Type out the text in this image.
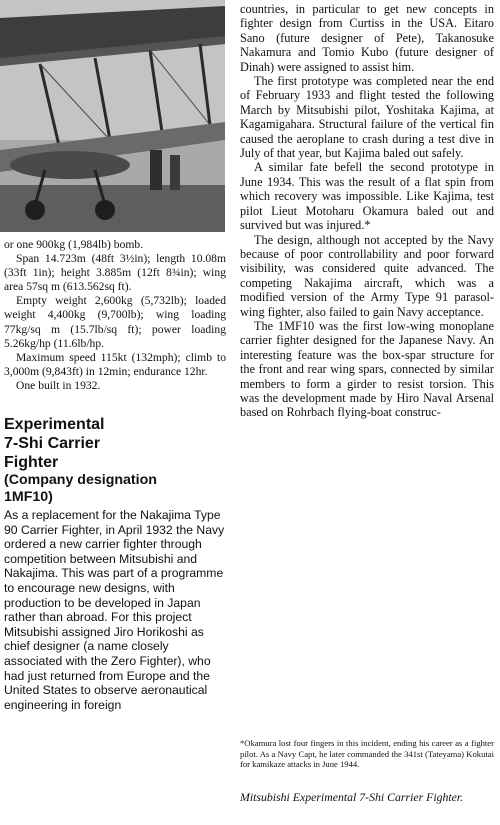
or one 900kg (1,984lb) bomb.

Span 14.723m (48ft 3½in); length 10.08m (33ft 1in); height 3.885m (12ft 8¾in); wing area 57sq m (613.562sq ft).

Empty weight 2,600kg (5,732lb); loaded weight 4,400kg (9,700lb); wing loading 77kg/sq m (15.7lb/sq ft); power loading 5.26kg/hp (11.6lb/hp.

Maximum speed 115kt (132mph); climb to 3,000m (9,843ft) in 12min; endurance 12hr.

One built in 1932.

Experimental
7-Shi Carrier
Fighter
(Company designation
1MF10)

As a replacement for the Nakajima Type 90 Carrier Fighter, in April 1932 the Navy ordered a new carrier fighter through competition between Mitsubishi and Nakajima. This was part of a programme to encourage new designs, with production to be developed in Japan rather than abroad. For this project Mitsubishi assigned Jiro Horikoshi as chief designer (a name closely associated with the Zero Fighter), who had just returned from Europe and the United States to observe aeronautical engineering in foreign

countries, in particular to get new concepts in fighter design from Curtiss in the USA. Eitaro Sano (future designer of Pete), Takanosuke Nakamura and Tomio Kubo (future designer of Dinah) were assigned to assist him.

The first prototype was completed near the end of February 1933 and flight tested the following March by Mitsubishi pilot, Yoshitaka Kajima, at Kagamigahara. Structural failure of the vertical fin caused the aeroplane to crash during a test dive in July of that year, but Kajima baled out safely.

A similar fate befell the second prototype in June 1934. This was the result of a flat spin from which recovery was impossible. Like Kajima, test pilot Lieut Motoharu Okamura baled out and survived but was injured.*

The design, although not accepted by the Navy because of poor controllability and poor forward visibility, was considered quite advanced. The competing Nakajima aircraft, which was a modified version of the Army Type 91 parasol-wing fighter, also failed to gain Navy acceptance.

The 1MF10 was the first low-wing monoplane carrier fighter designed for the Japanese Navy. An interesting feature was the box-spar structure for the front and rear wing spars, connected by similar members to form a girder to resist torsion. This was the development made by Hiro Naval Arsenal based on Rohrbach flying-boat construc-

*Okamura lost four fingers in this incident, ending his career as a fighter pilot. As a Navy Capt, he later commanded the 341st (Tateyama) Kokutai for kamikaze attacks in June 1944.
Mitsubishi Experimental 7-Shi Carrier Fighter.
